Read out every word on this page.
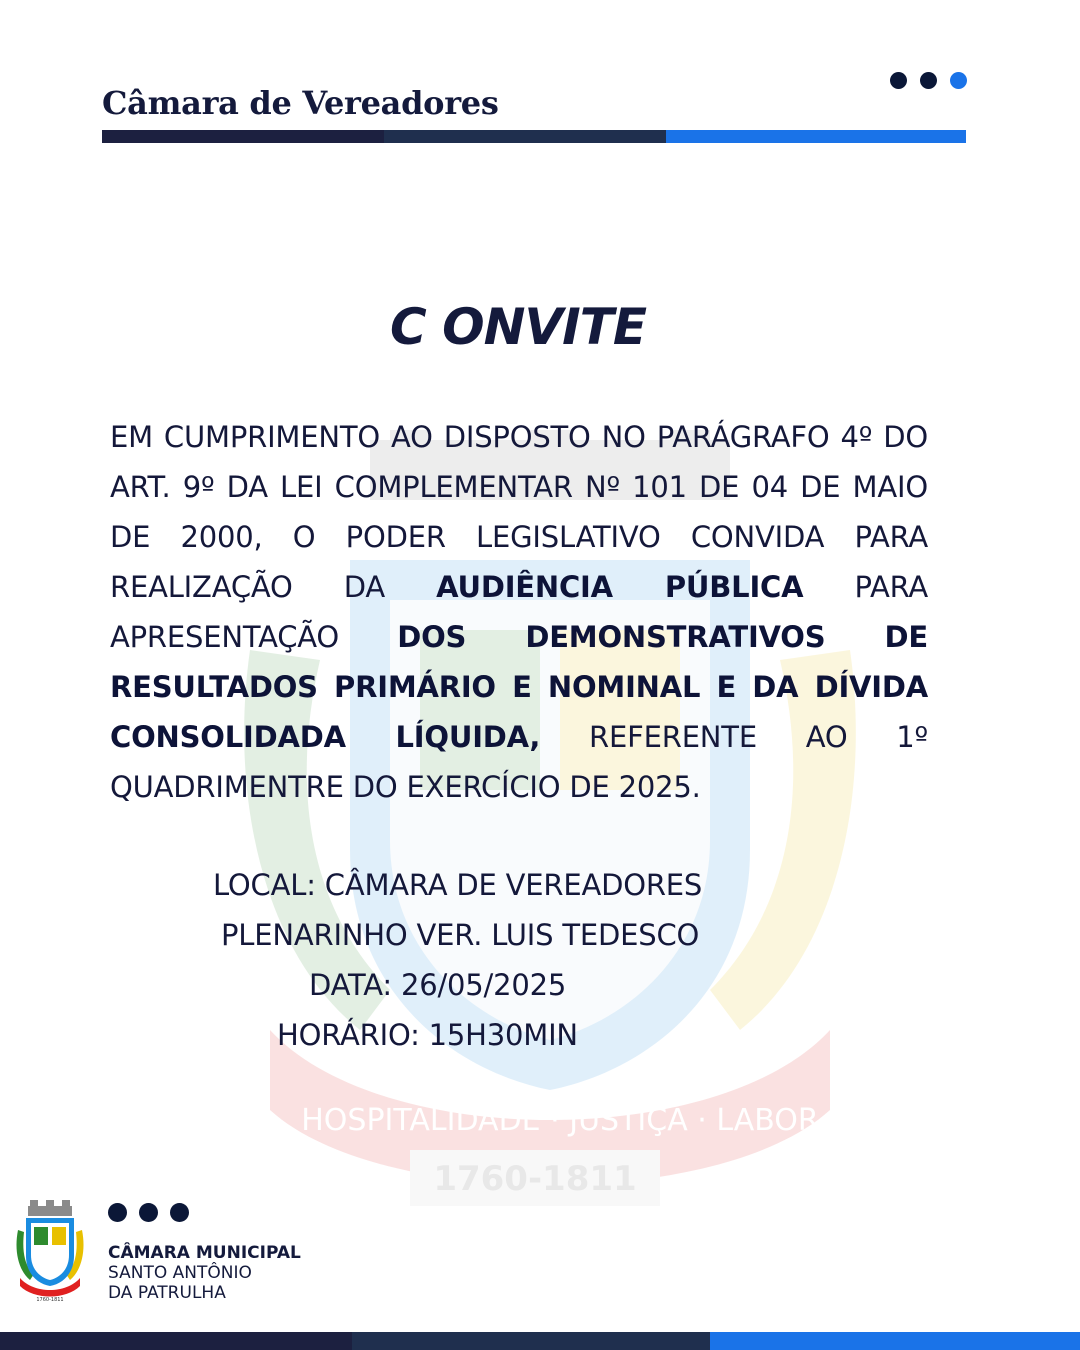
Câmara de Vereadores
HOSPITALIDADE · JUSTIÇA · LABOR
1760-1811
C ONVITE
EM CUMPRIMENTO AO DISPOSTO NO PARÁGRAFO 4º DO ART. 9º DA LEI COMPLEMENTAR Nº 101 DE 04 DE MAIO DE 2000, O PODER LEGISLATIVO CONVIDA PARA REALIZAÇÃO DA AUDIÊNCIA PÚBLICA PARA APRESENTAÇÃO DOS DEMONSTRATIVOS DE RESULTADOS PRIMÁRIO E NOMINAL E DA DÍVIDA CONSOLIDADA LÍQUIDA, REFERENTE AO 1º QUADRIMENTRE DO EXERCÍCIO DE 2025.
LOCAL: CÂMARA DE VEREADORES
PLENARINHO VER. LUIS TEDESCO
DATA: 26/05/2025
HORÁRIO: 15H30MIN
1760-1811
CÂMARA MUNICIPAL
SANTO ANTÔNIO
DA PATRULHA
